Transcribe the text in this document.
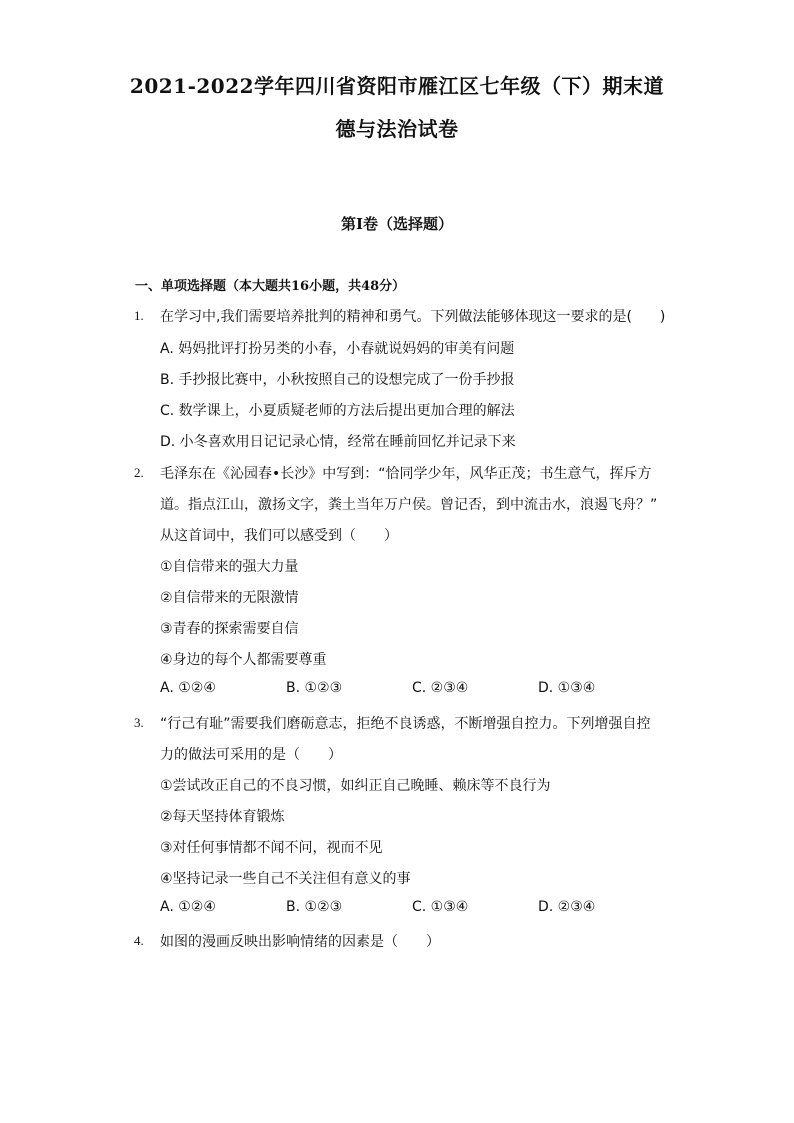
2021-2022学年四川省资阳市雁江区七年级（下）期末道
德与法治试卷
第I卷（选择题）
一、单项选择题（本大题共16小题，共48分）
1. 在学习中,我们需要培养批判的精神和勇气。下列做法能够体现这一要求的是(　　)
A. 妈妈批评打扮另类的小春，小春就说妈妈的审美有问题
B. 手抄报比赛中，小秋按照自己的设想完成了一份手抄报
C. 数学课上，小夏质疑老师的方法后提出更加合理的解法
D. 小冬喜欢用日记记录心情，经常在睡前回忆并记录下来
2. 毛泽东在《沁园春•长沙》中写到：“恰同学少年，风华正茂；书生意气，挥斥方
道。指点江山，激扬文字，粪土当年万户侯。曾记否，到中流击水，浪遏飞舟？”
从这首词中，我们可以感受到（　　）
①自信带来的强大力量
②自信带来的无限激情
③青春的探索需要自信
④身边的每个人都需要尊重
A. ①②④	B. ①②③	C. ②③④	D. ①③④
3. “行己有耻”需要我们磨砺意志，拒绝不良诱惑，不断增强自控力。下列增强自控
力的做法可采用的是（　　）
①尝试改正自己的不良习惯，如纠正自己晚睡、赖床等不良行为
②每天坚持体育锻炼
③对任何事情都不闻不问，视而不见
④坚持记录一些自己不关注但有意义的事
A. ①②④	B. ①②③	C. ①③④	D. ②③④
4. 如图的漫画反映出影响情绪的因素是（　　）
